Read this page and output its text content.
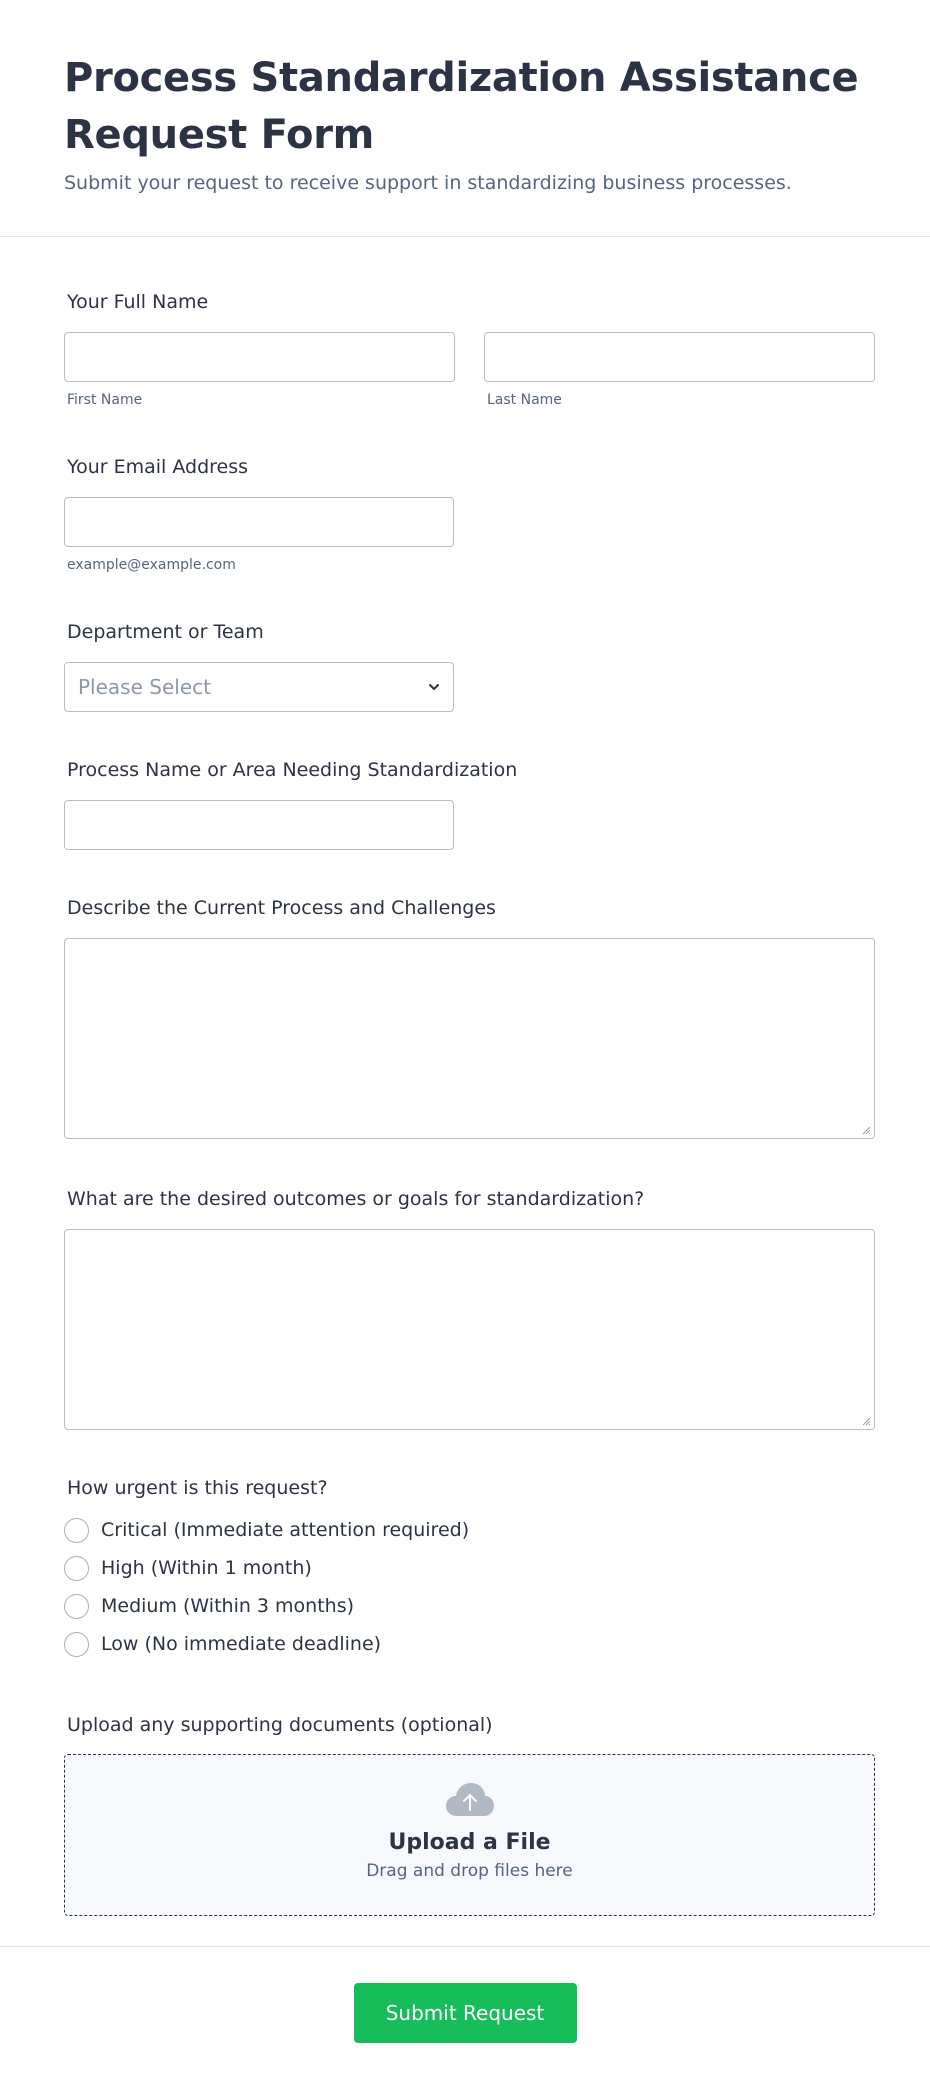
Process Standardization Assistance Request Form

Submit your request to receive support in standardizing business processes.

Your Full Name
First Name	Last Name
Your Email Address
example@example.com
Department or Team
Please Select
Process Name or Area Needing Standardization
Describe the Current Process and Challenges
What are the desired outcomes or goals for standardization?
How urgent is this request?
Critical (Immediate attention required)
High (Within 1 month)
Medium (Within 3 months)
Low (No immediate deadline)
Upload any supporting documents (optional)
Upload a File
Drag and drop files here
Submit Request
